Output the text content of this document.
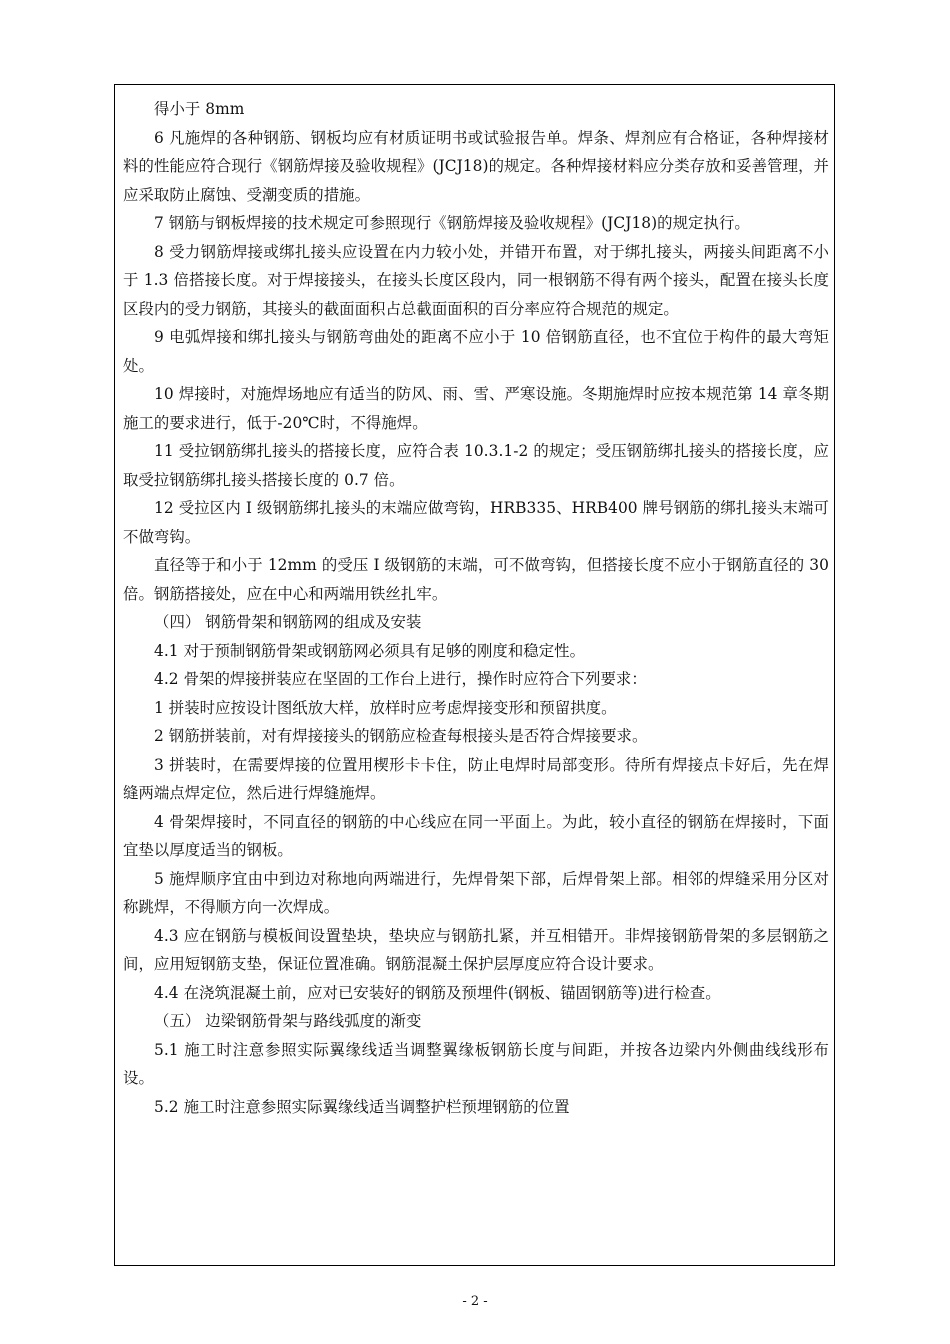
得小于 8mm

6 凡施焊的各种钢筋、钢板均应有材质证明书或试验报告单。焊条、焊剂应有合格证，各种焊接材料的性能应符合现行《钢筋焊接及验收规程》(JCJ18)的规定。各种焊接材料应分类存放和妥善管理，并应采取防止腐蚀、受潮变质的措施。

7 钢筋与钢板焊接的技术规定可参照现行《钢筋焊接及验收规程》(JCJ18)的规定执行。

8 受力钢筋焊接或绑扎接头应设置在内力较小处，并错开布置，对于绑扎接头，两接头间距离不小于 1.3 倍搭接长度。对于焊接接头，在接头长度区段内，同一根钢筋不得有两个接头，配置在接头长度区段内的受力钢筋，其接头的截面面积占总截面面积的百分率应符合规范的规定。

9 电弧焊接和绑扎接头与钢筋弯曲处的距离不应小于 10 倍钢筋直径，也不宜位于构件的最大弯矩处。

10 焊接时，对施焊场地应有适当的防风、雨、雪、严寒设施。冬期施焊时应按本规范第 14 章冬期施工的要求进行，低于-20℃时，不得施焊。

11 受拉钢筋绑扎接头的搭接长度，应符合表 10.3.1-2 的规定；受压钢筋绑扎接头的搭接长度，应取受拉钢筋绑扎接头搭接长度的 0.7 倍。

12 受拉区内 I 级钢筋绑扎接头的末端应做弯钩，HRB335、HRB400 牌号钢筋的绑扎接头末端可不做弯钩。

直径等于和小于 12mm 的受压 I 级钢筋的末端，可不做弯钩，但搭接长度不应小于钢筋直径的 30 倍。钢筋搭接处，应在中心和两端用铁丝扎牢。

（四） 钢筋骨架和钢筋网的组成及安装

4.1 对于预制钢筋骨架或钢筋网必须具有足够的刚度和稳定性。

4.2 骨架的焊接拼装应在坚固的工作台上进行，操作时应符合下列要求：

1 拼装时应按设计图纸放大样，放样时应考虑焊接变形和预留拱度。

2 钢筋拼装前，对有焊接接头的钢筋应检查每根接头是否符合焊接要求。

3 拼装时，在需要焊接的位置用楔形卡卡住，防止电焊时局部变形。待所有焊接点卡好后，先在焊缝两端点焊定位，然后进行焊缝施焊。

4 骨架焊接时，不同直径的钢筋的中心线应在同一平面上。为此，较小直径的钢筋在焊接时，下面宜垫以厚度适当的钢板。

5 施焊顺序宜由中到边对称地向两端进行，先焊骨架下部，后焊骨架上部。相邻的焊缝采用分区对称跳焊，不得顺方向一次焊成。

4.3 应在钢筋与模板间设置垫块，垫块应与钢筋扎紧，并互相错开。非焊接钢筋骨架的多层钢筋之间，应用短钢筋支垫，保证位置准确。钢筋混凝土保护层厚度应符合设计要求。

4.4 在浇筑混凝土前，应对已安装好的钢筋及预埋件(钢板、锚固钢筋等)进行检查。

（五） 边梁钢筋骨架与路线弧度的渐变

5.1 施工时注意参照实际翼缘线适当调整翼缘板钢筋长度与间距，并按各边梁内外侧曲线线形布设。

5.2 施工时注意参照实际翼缘线适当调整护栏预埋钢筋的位置

- 2 -
